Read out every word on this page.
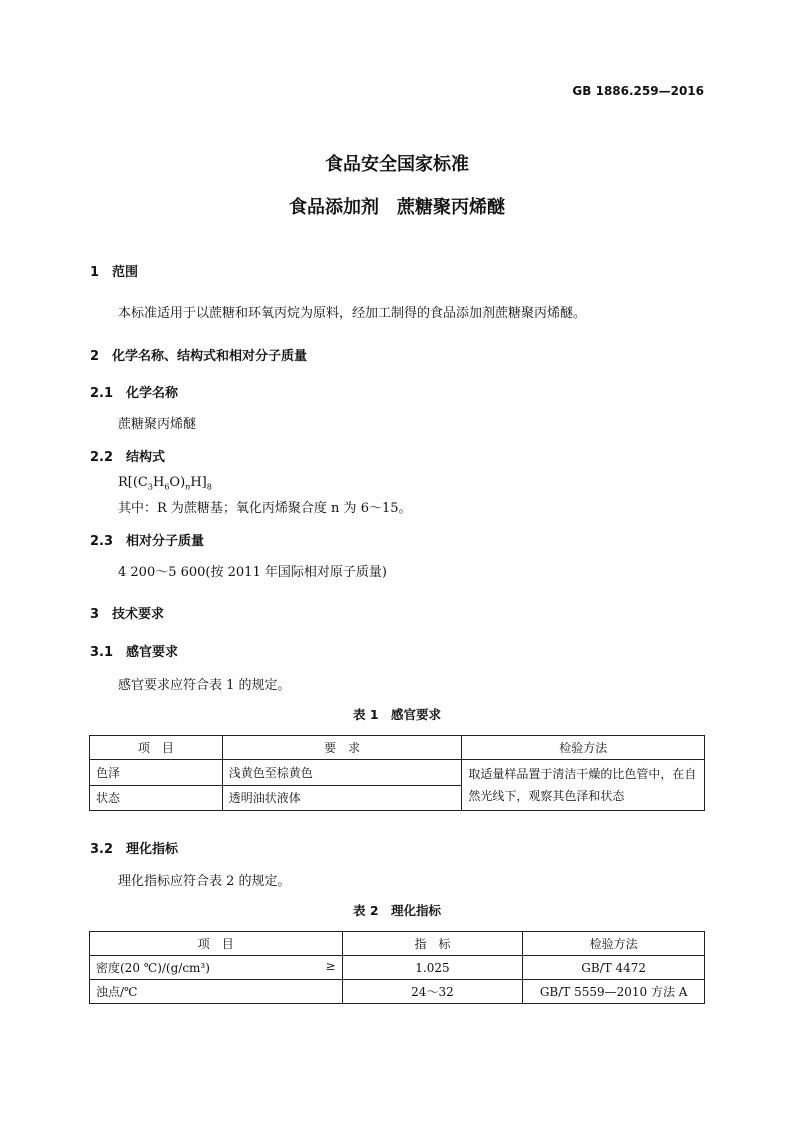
GB 1886.259—2016
食品安全国家标准
食品添加剂　蔗糖聚丙烯醚
1　范围
本标准适用于以蔗糖和环氧丙烷为原料，经加工制得的食品添加剂蔗糖聚丙烯醚。
2　化学名称、结构式和相对分子质量
2.1　化学名称
蔗糖聚丙烯醚
2.2　结构式
$R[(C_3H_6O)_nH]_8$
其中：R 为蔗糖基；氧化丙烯聚合度 n 为 6～15。
2.3　相对分子质量
4 200～5 600(按 2011 年国际相对原子质量)
3　技术要求
3.1　感官要求
感官要求应符合表 1 的规定。
表 1　感官要求
项　目	要　求	检验方法
色泽	浅黄色至棕黄色	取适量样品置于清洁干燥的比色管中，在自然光线下，观察其色泽和状态
状态	透明油状液体	
3.2　理化指标
理化指标应符合表 2 的规定。
表 2　理化指标
项　目	指　标	检验方法
密度(20 ℃)/(g/cm³) ≥	1.025	GB/T 4472
浊点/℃	24～32	GB/T 5559—2010 方法 A
